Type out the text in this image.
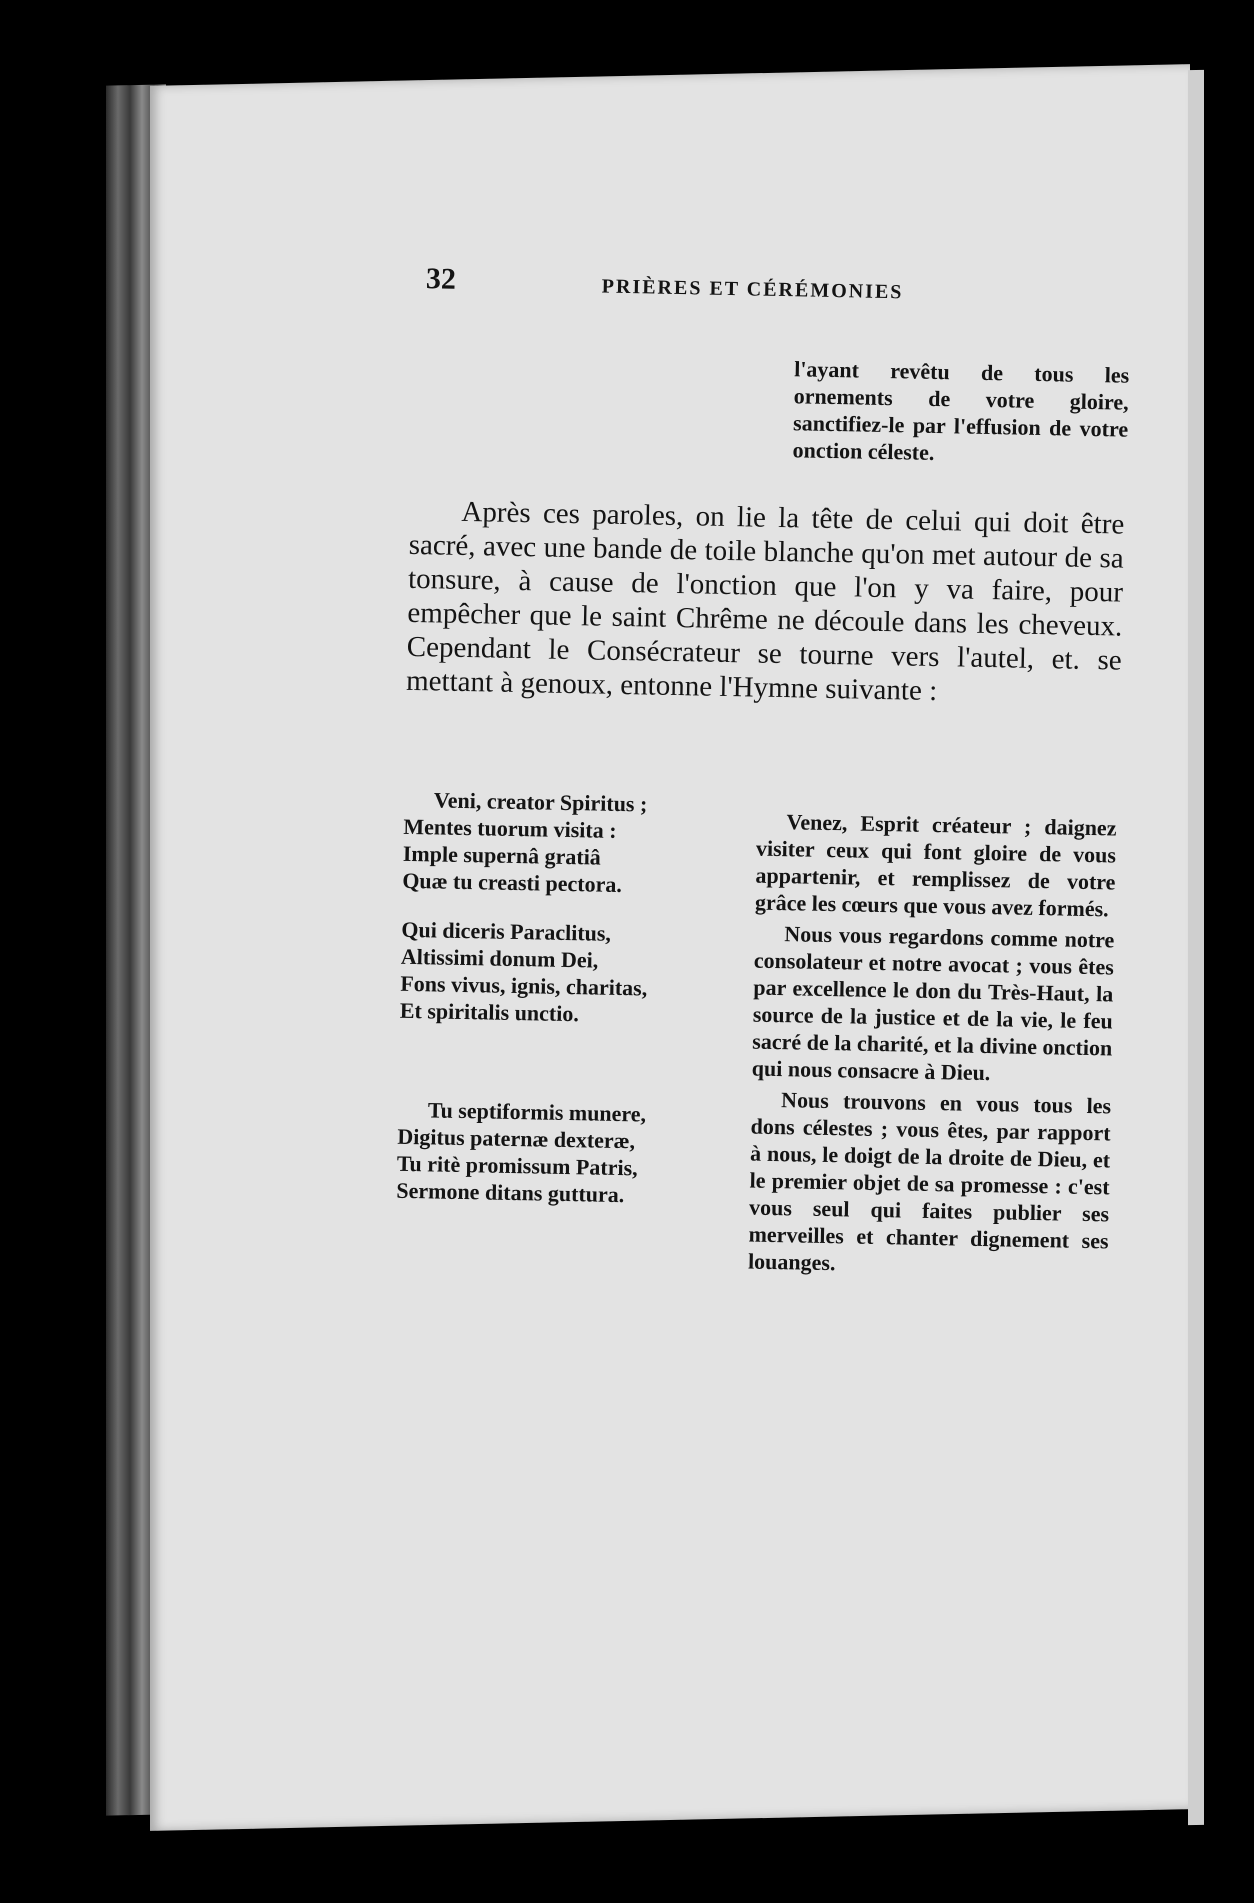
32	PRIÈRES ET CÉRÉMONIES
l'ayant revêtu de tous les ornements de votre gloire, sanctifiez-le par l'effusion de votre onction céleste.
Après ces paroles, on lie la tête de celui qui doit être sacré, avec une bande de toile blanche qu'on met autour de sa tonsure, à cause de l'onction que l'on y va faire, pour empêcher que le saint Chrême ne découle dans les cheveux. Cependant le Consécrateur se tourne vers l'autel, et. se mettant à genoux, entonne l'Hymne suivante :
Veni, creator Spiritus ;
Mentes tuorum visita :
Imple supernâ gratiâ
Quæ tu creasti pectora.
Qui diceris Paraclitus,
Altissimi donum Dei,
Fons vivus, ignis, charitas,
Et spiritalis unctio.
Tu septiformis munere,
Digitus paternæ dexteræ,
Tu ritè promissum Patris,
Sermone ditans guttura.
Venez, Esprit créateur ; daignez visiter ceux qui font gloire de vous appartenir, et remplissez de votre grâce les cœurs que vous avez formés.
Nous vous regardons comme notre consolateur et notre avocat ; vous êtes par excellence le don du Très-Haut, la source de la justice et de la vie, le feu sacré de la charité, et la divine onction qui nous consacre à Dieu.
Nous trouvons en vous tous les dons célestes ; vous êtes, par rapport à nous, le doigt de la droite de Dieu, et le premier objet de sa promesse : c'est vous seul qui faites publier ses merveilles et chanter dignement ses louanges.
